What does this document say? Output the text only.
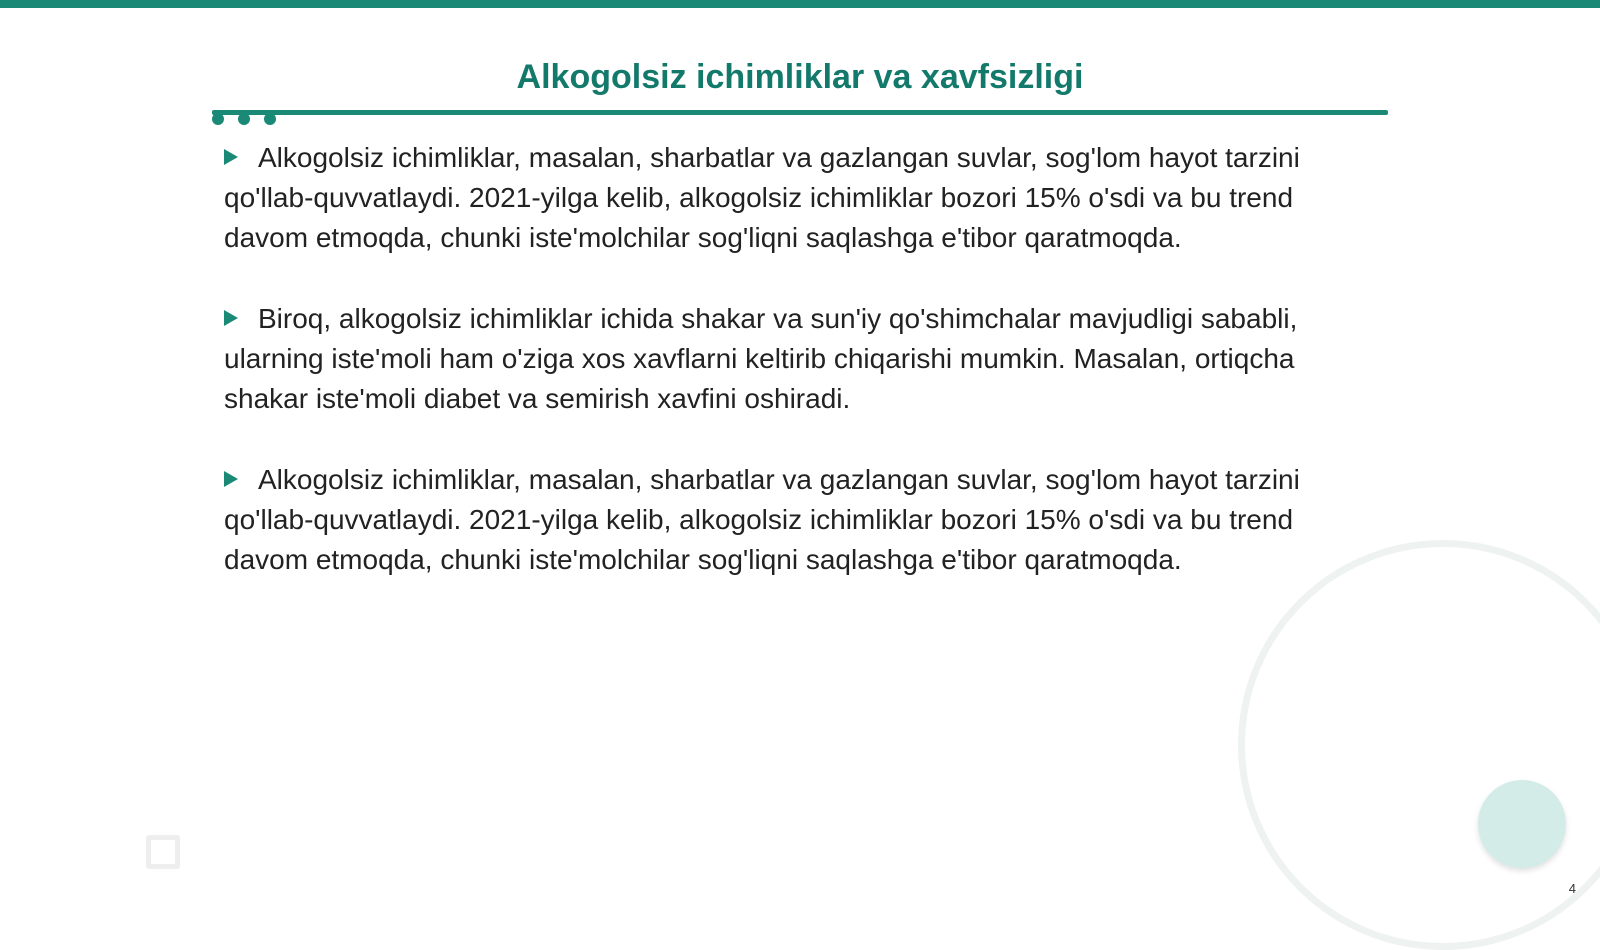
Alkogolsiz ichimliklar va xavfsizligi

Alkogolsiz ichimliklar, masalan, sharbatlar va gazlangan suvlar, sog'lom hayot tarzini qo'llab-quvvatlaydi. 2021-yilga kelib, alkogolsiz ichimliklar bozori 15% o'sdi va bu trend davom etmoqda, chunki iste'molchilar sog'liqni saqlashga e'tibor qaratmoqda.

Biroq, alkogolsiz ichimliklar ichida shakar va sun'iy qo'shimchalar mavjudligi sababli, ularning iste'moli ham o'ziga xos xavflarni keltirib chiqarishi mumkin. Masalan, ortiqcha shakar iste'moli diabet va semirish xavfini oshiradi.

Alkogolsiz ichimliklar, masalan, sharbatlar va gazlangan suvlar, sog'lom hayot tarzini qo'llab-quvvatlaydi. 2021-yilga kelib, alkogolsiz ichimliklar bozori 15% o'sdi va bu trend davom etmoqda, chunki iste'molchilar sog'liqni saqlashga e'tibor qaratmoqda.

4
